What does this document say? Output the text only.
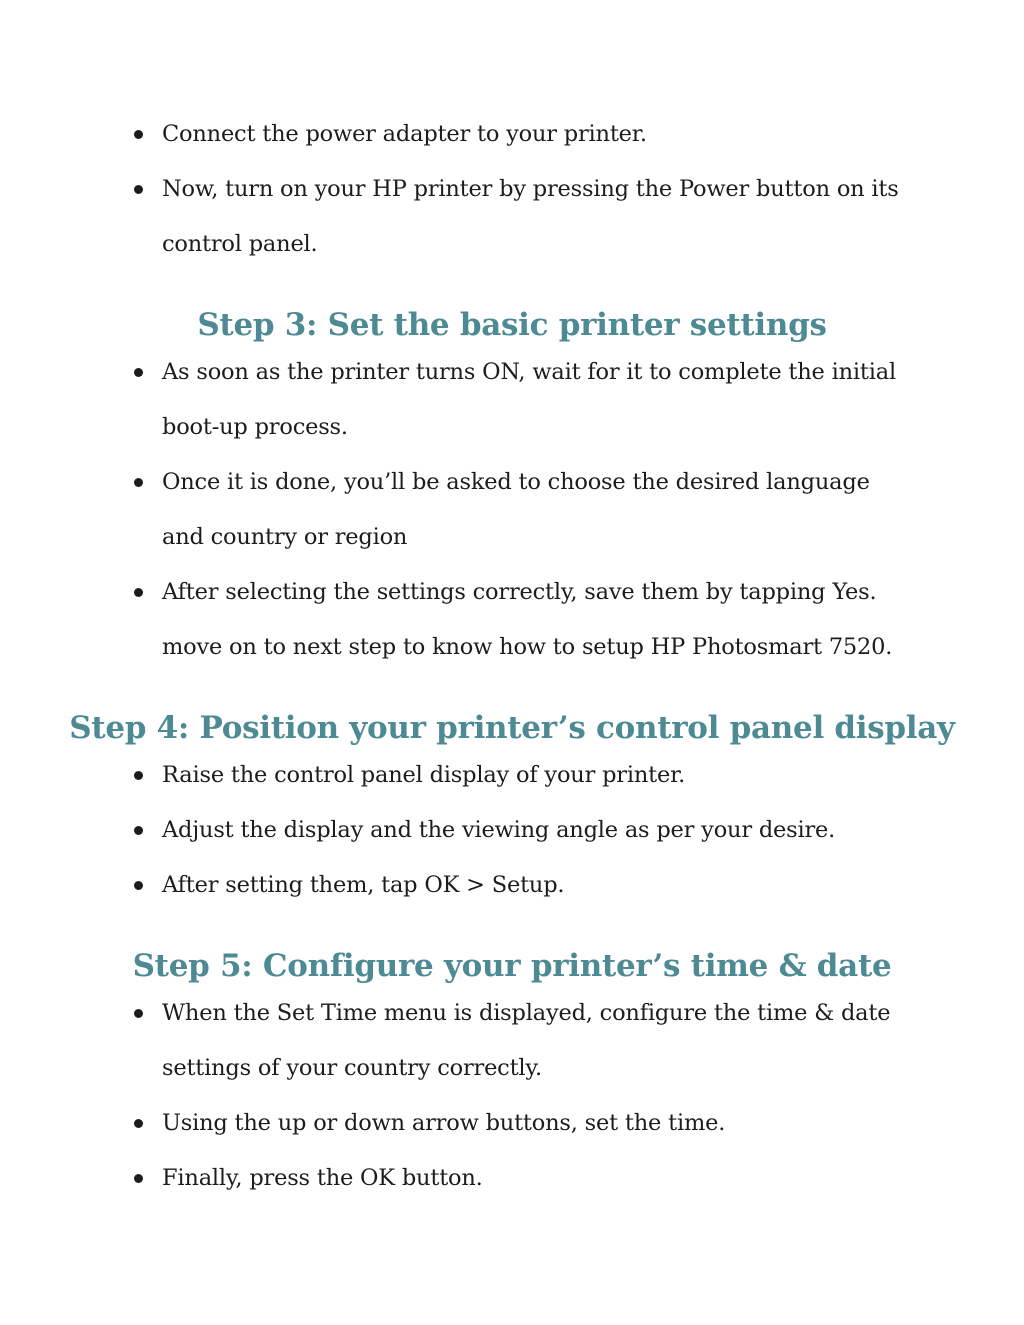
Connect the power adapter to your printer.
Now, turn on your HP printer by pressing the Power button on its control panel.
Step 3: Set the basic printer settings
As soon as the printer turns ON, wait for it to complete the initial boot-up process.
Once it is done, you’ll be asked to choose the desired language and country or region
After selecting the settings correctly, save them by tapping Yes. move on to next step to know how to setup HP Photosmart 7520.
Step 4: Position your printer’s control panel display
Raise the control panel display of your printer.
Adjust the display and the viewing angle as per your desire.
After setting them, tap OK > Setup.
Step 5: Configure your printer’s time & date
When the Set Time menu is displayed, configure the time & date settings of your country correctly.
Using the up or down arrow buttons, set the time.
Finally, press the OK button.
